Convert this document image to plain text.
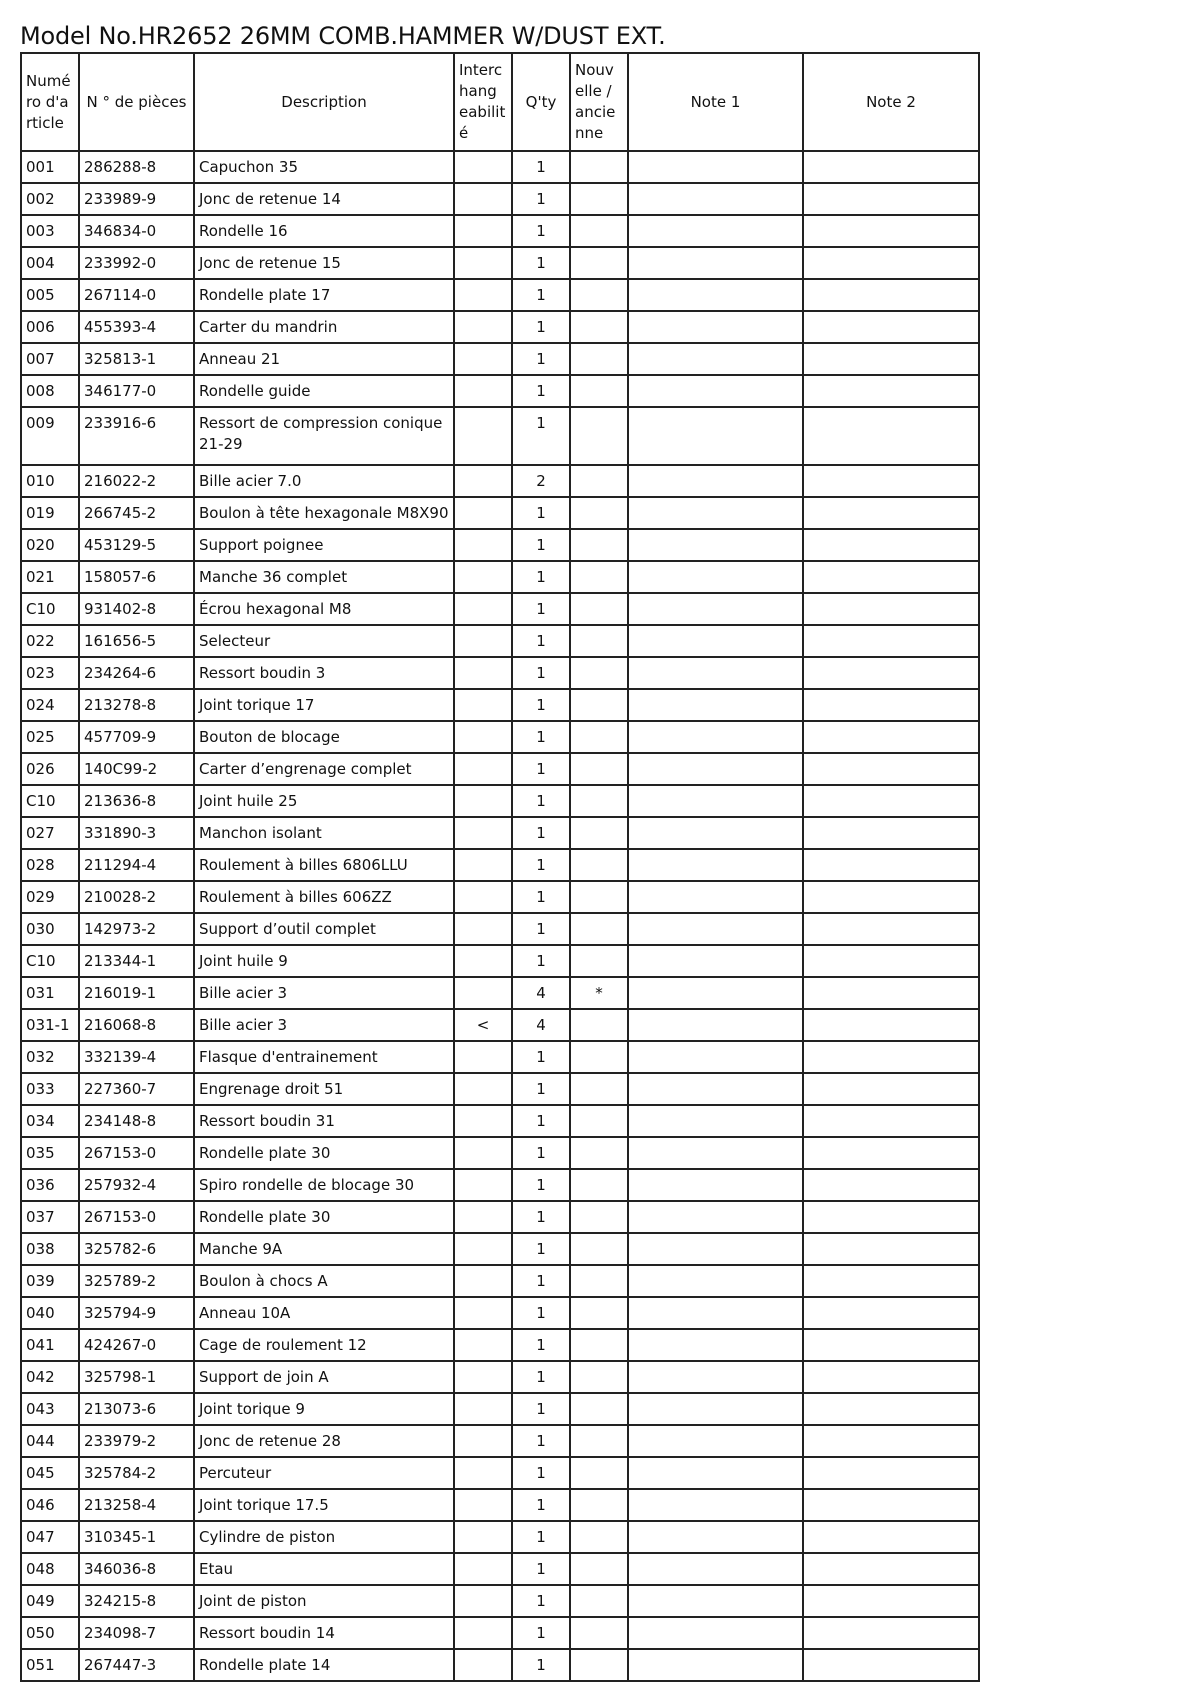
Model No.HR2652 26MM COMB.HAMMER W/DUST EXT.
Numé ro d'a rticle	N ° de pièces	Description	Interc hang eabilit é	Q'ty	Nouv elle / ancie nne	Note 1	Note 2
001	286288-8	Capuchon 35		1			
002	233989-9	Jonc de retenue 14		1			
003	346834-0	Rondelle 16		1			
004	233992-0	Jonc de retenue 15		1			
005	267114-0	Rondelle plate 17		1			
006	455393-4	Carter du mandrin		1			
007	325813-1	Anneau 21		1			
008	346177-0	Rondelle guide		1			
009	233916-6	Ressort de compression conique 21-29		1			
010	216022-2	Bille acier 7.0		2			
019	266745-2	Boulon à tête hexagonale M8X90		1			
020	453129-5	Support poignee		1			
021	158057-6	Manche 36 complet		1			
C10	931402-8	Écrou hexagonal M8		1			
022	161656-5	Selecteur		1			
023	234264-6	Ressort boudin 3		1			
024	213278-8	Joint torique 17		1			
025	457709-9	Bouton de blocage		1			
026	140C99-2	Carter d’engrenage complet		1			
C10	213636-8	Joint huile 25		1			
027	331890-3	Manchon isolant		1			
028	211294-4	Roulement à billes 6806LLU		1			
029	210028-2	Roulement à billes 606ZZ		1			
030	142973-2	Support d’outil complet		1			
C10	213344-1	Joint huile 9		1			
031	216019-1	Bille acier 3		4	*		
031-1	216068-8	Bille acier 3	<	4			
032	332139-4	Flasque d'entrainement		1			
033	227360-7	Engrenage droit 51		1			
034	234148-8	Ressort boudin 31		1			
035	267153-0	Rondelle plate 30		1			
036	257932-4	Spiro rondelle de blocage 30		1			
037	267153-0	Rondelle plate 30		1			
038	325782-6	Manche 9A		1			
039	325789-2	Boulon à chocs A		1			
040	325794-9	Anneau 10A		1			
041	424267-0	Cage de roulement 12		1			
042	325798-1	Support de join A		1			
043	213073-6	Joint torique 9		1			
044	233979-2	Jonc de retenue 28		1			
045	325784-2	Percuteur		1			
046	213258-4	Joint torique 17.5		1			
047	310345-1	Cylindre de piston		1			
048	346036-8	Etau		1			
049	324215-8	Joint de piston		1			
050	234098-7	Ressort boudin 14		1			
051	267447-3	Rondelle plate 14		1			
